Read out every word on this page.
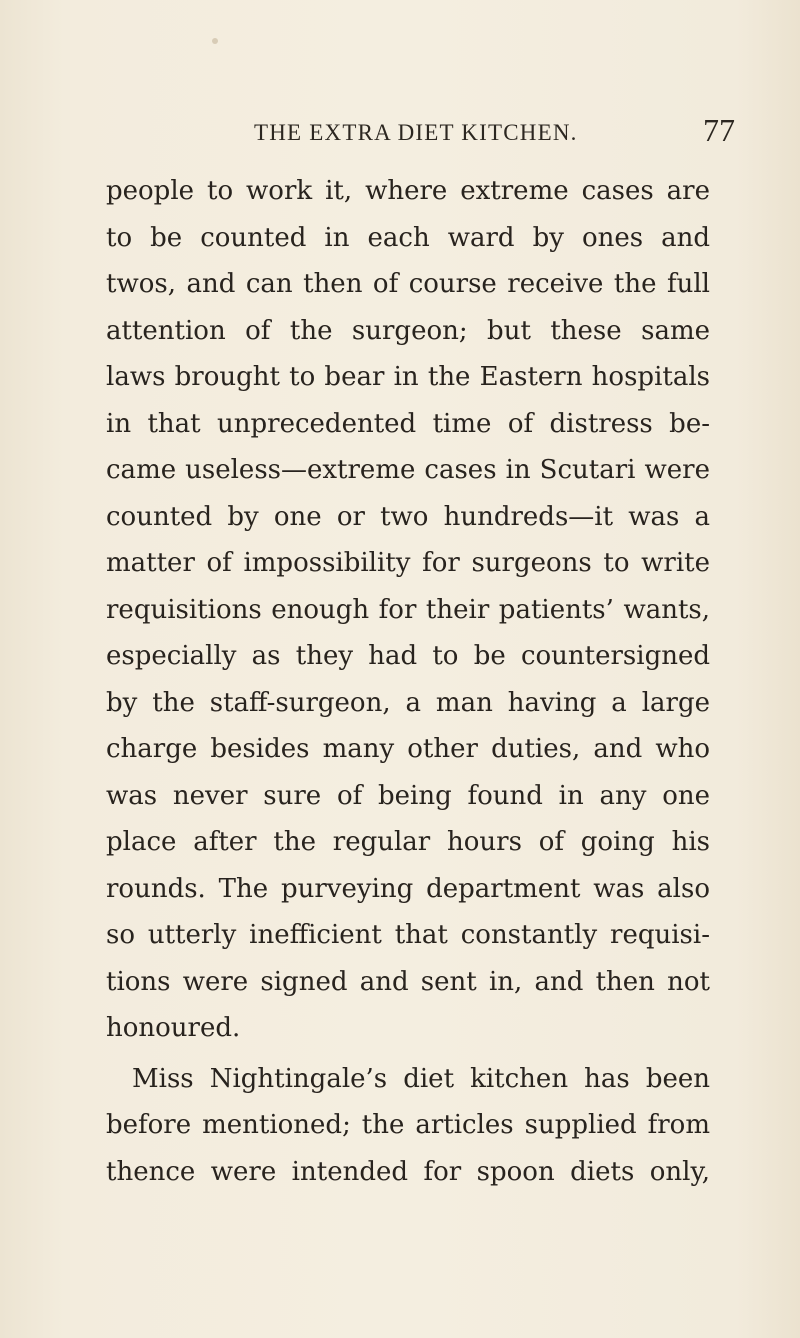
THE EXTRA DIET KITCHEN.	77
people to work it, where extreme cases are
to be counted in each ward by ones and
twos, and can then of course receive the full
attention of the surgeon; but these same
laws brought to bear in the Eastern hospitals
in that unprecedented time of distress be-
came useless—extreme cases in Scutari were
counted by one or two hundreds—it was a
matter of impossibility for surgeons to write
requisitions enough for their patients’ wants,
especially as they had to be countersigned
by the staff-surgeon, a man having a large
charge besides many other duties, and who
was never sure of being found in any one
place after the regular hours of going his
rounds. The purveying department was also
so utterly inefficient that constantly requisi-
tions were signed and sent in, and then not
honoured.
Miss Nightingale’s diet kitchen has been
before mentioned; the articles supplied from
thence were intended for spoon diets only,
